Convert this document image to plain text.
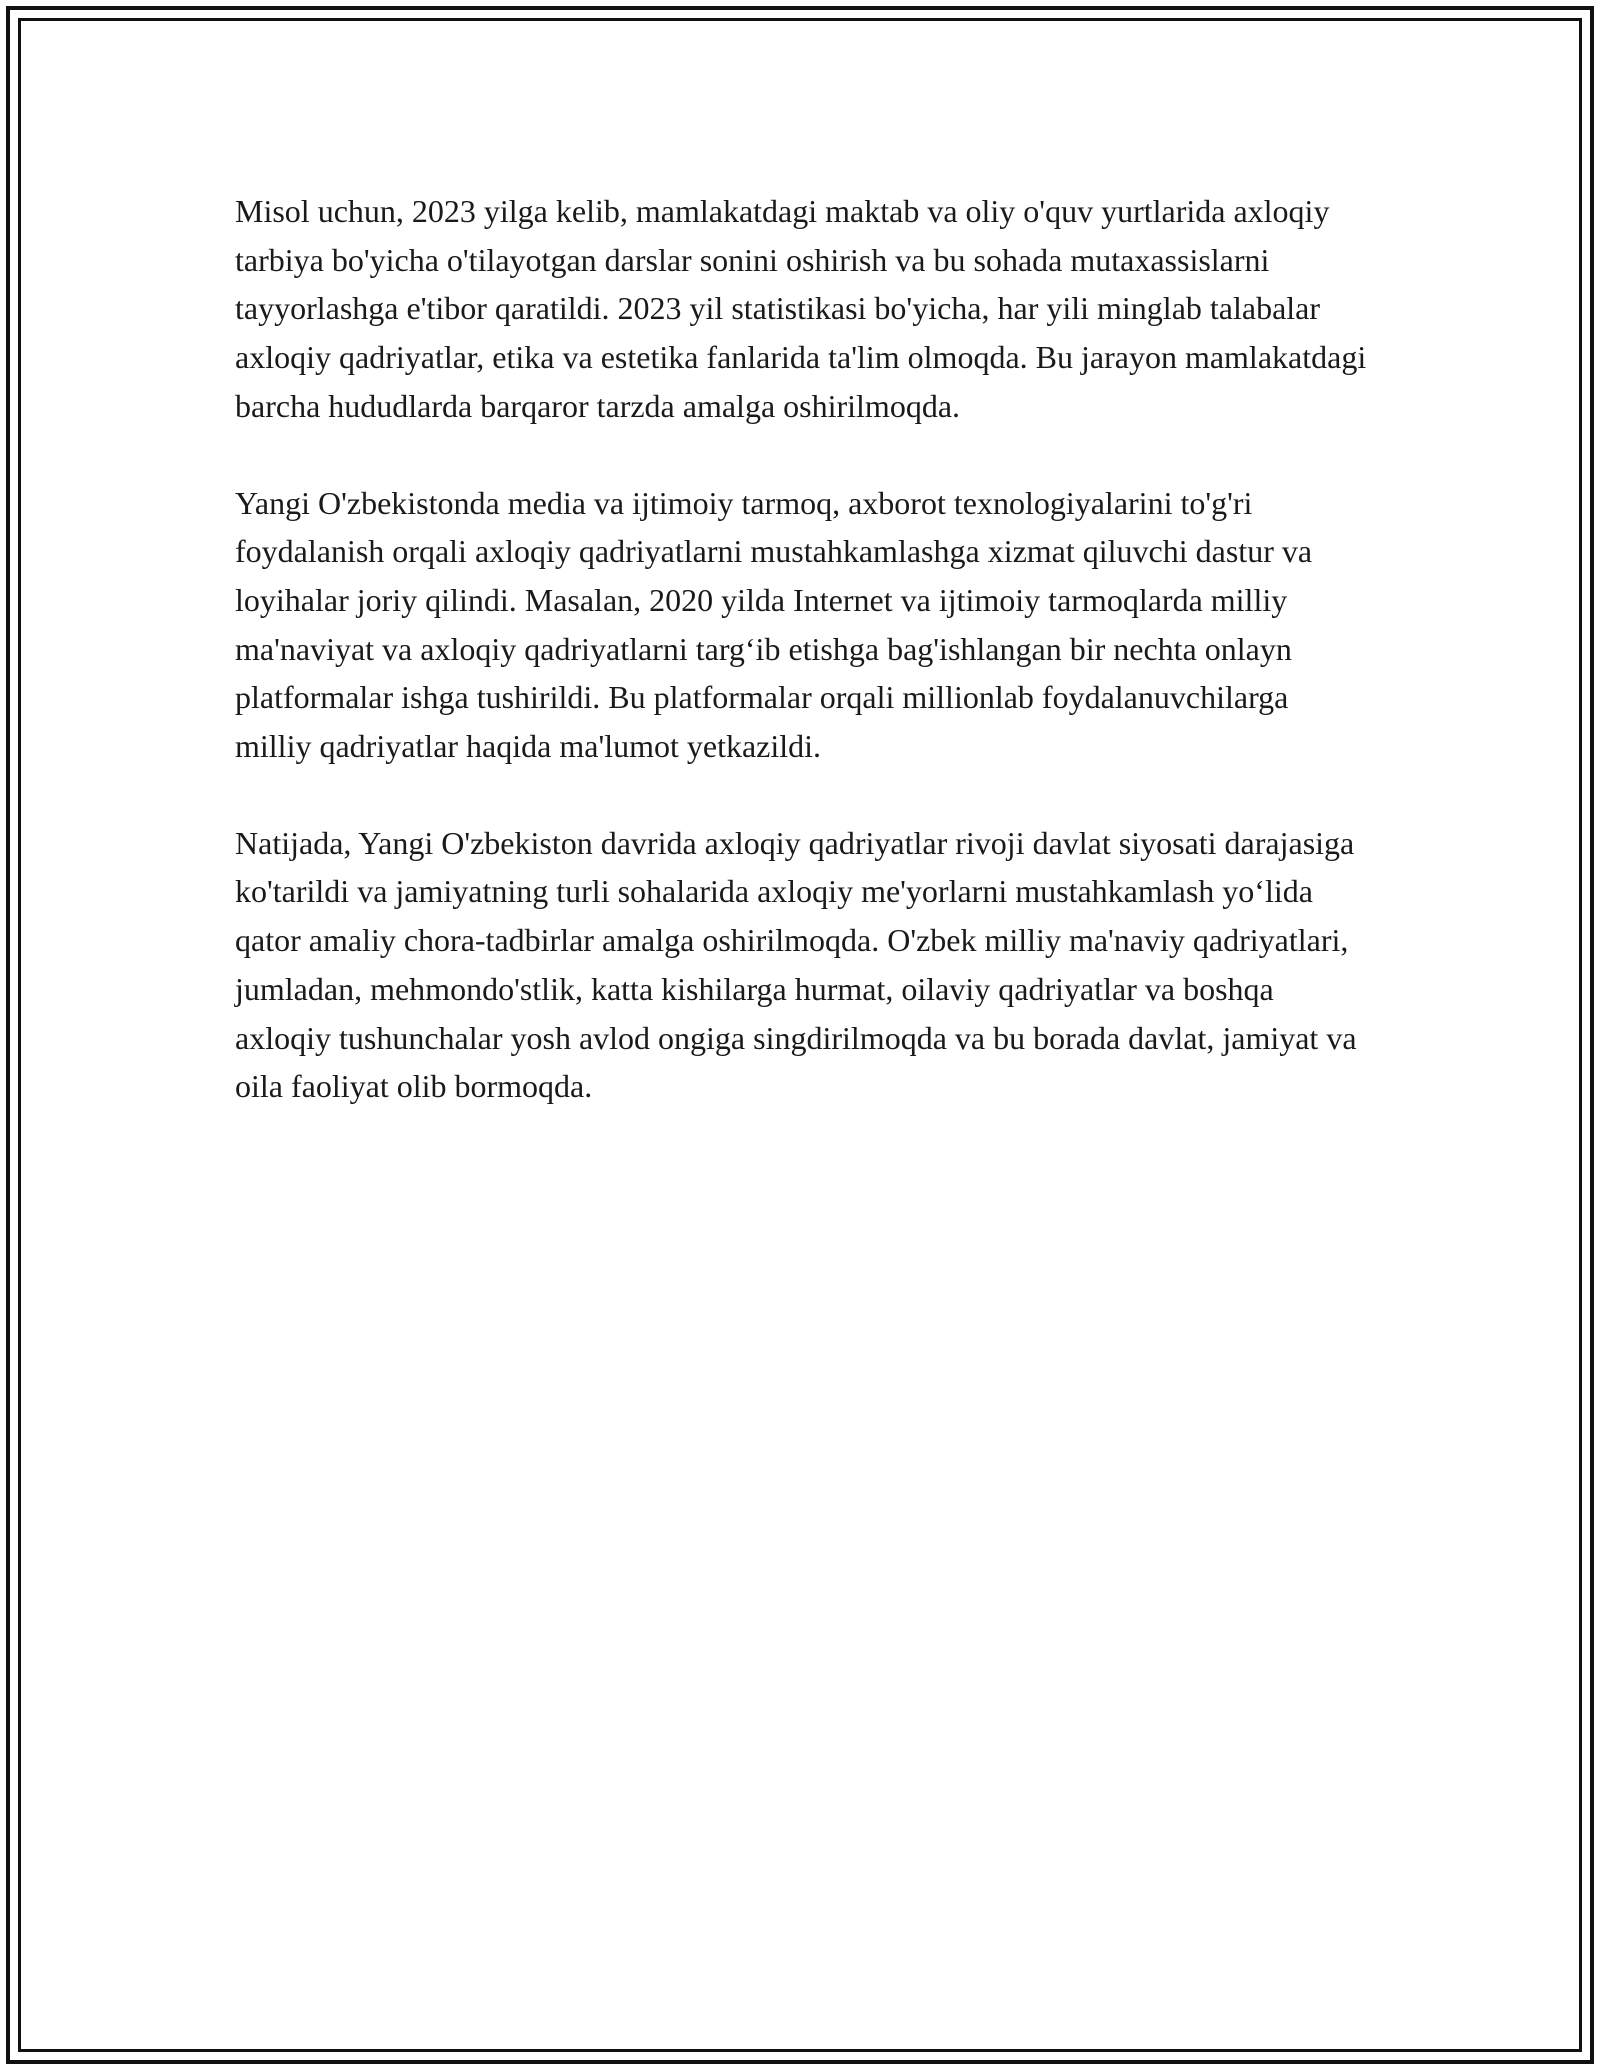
Misol uchun, 2023 yilga kelib, mamlakatdagi maktab va oliy o'quv yurtlarida axloqiy tarbiya bo'yicha o'tilayotgan darslar sonini oshirish va bu sohada mutaxassislarni tayyorlashga e'tibor qaratildi. 2023 yil statistikasi bo'yicha, har yili minglab talabalar axloqiy qadriyatlar, etika va estetika fanlarida ta'lim olmoqda. Bu jarayon mamlakatdagi barcha hududlarda barqaror tarzda amalga oshirilmoqda.

Yangi O'zbekistonda media va ijtimoiy tarmoq, axborot texnologiyalarini to'g'ri foydalanish orqali axloqiy qadriyatlarni mustahkamlashga xizmat qiluvchi dastur va loyihalar joriy qilindi. Masalan, 2020 yilda Internet va ijtimoiy tarmoqlarda milliy ma'naviyat va axloqiy qadriyatlarni targ‘ib etishga bag'ishlangan bir nechta onlayn platformalar ishga tushirildi. Bu platformalar orqali millionlab foydalanuvchilarga milliy qadriyatlar haqida ma'lumot yetkazildi.

Natijada, Yangi O'zbekiston davrida axloqiy qadriyatlar rivoji davlat siyosati darajasiga ko'tarildi va jamiyatning turli sohalarida axloqiy me'yorlarni mustahkamlash yo‘lida qator amaliy chora-tadbirlar amalga oshirilmoqda. O'zbek milliy ma'naviy qadriyatlari, jumladan, mehmondo'stlik, katta kishilarga hurmat, oilaviy qadriyatlar va boshqa axloqiy tushunchalar yosh avlod ongiga singdirilmoqda va bu borada davlat, jamiyat va oila faoliyat olib bormoqda.
